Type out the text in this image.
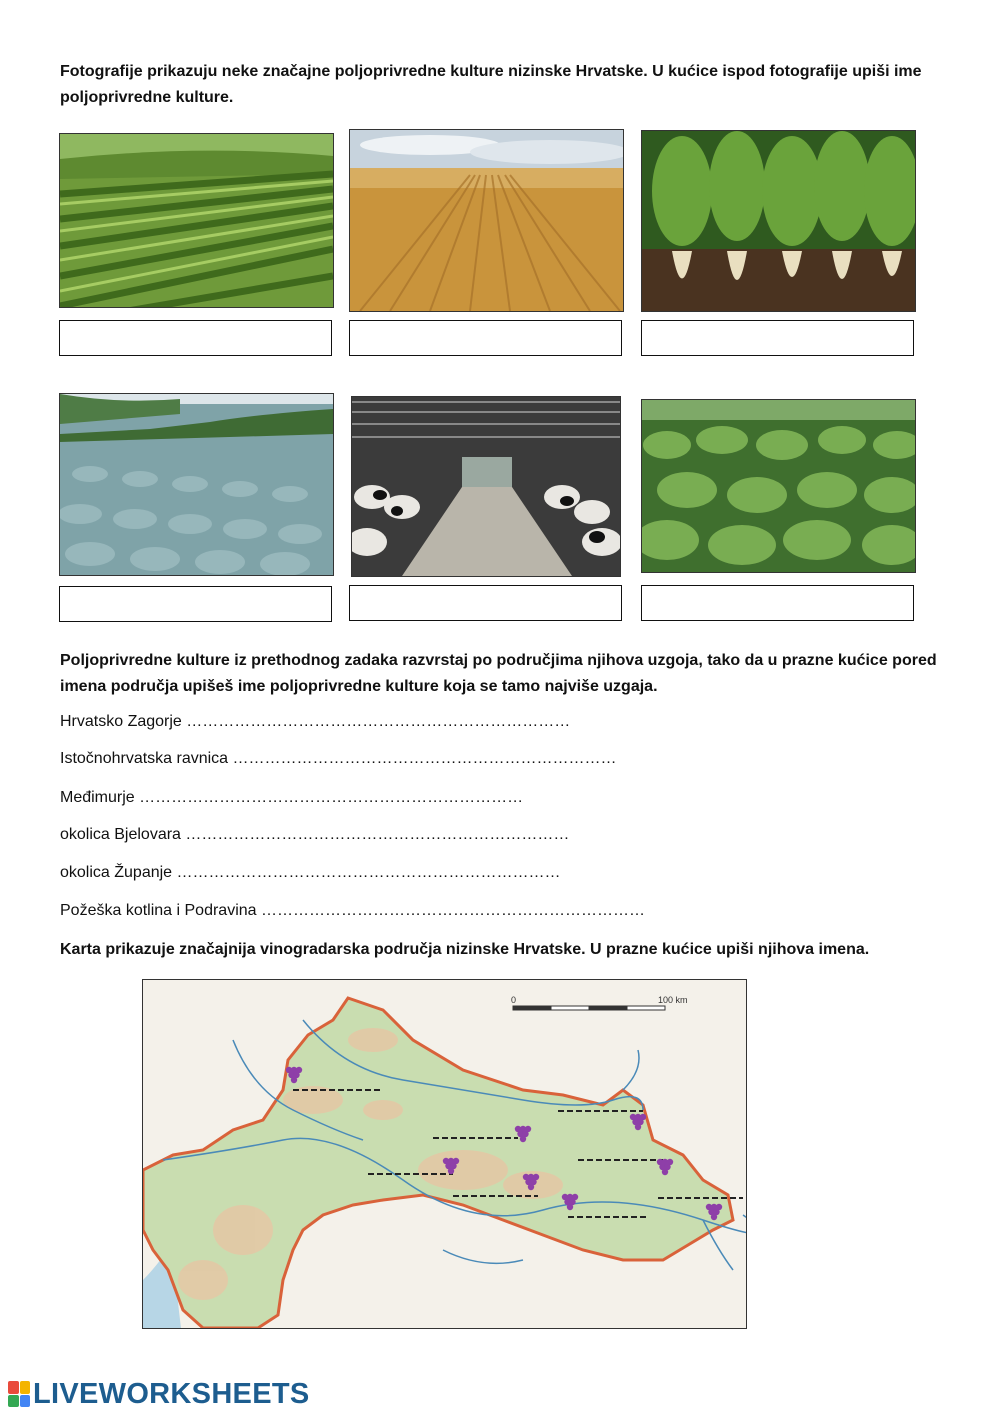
Fotografije prikazuju neke značajne poljoprivredne kulture nizinske Hrvatske. U kućice ispod fotografije upiši ime poljoprivredne kulture.
Poljoprivredne kulture iz prethodnog zadaka razvrstaj po područjima njihova uzgoja, tako da u prazne kućice pored imena područja upišeš ime poljoprivredne kulture koja se tamo najviše uzgaja.
Hrvatsko Zagorje ………………………………………………………………
Istočnohrvatska ravnica ………………………………………………………………
Međimurje ………………………………………………………………
okolica Bjelovara ………………………………………………………………
okolica Županje ………………………………………………………………
Požeška kotlina i Podravina ………………………………………………………………
Karta prikazuje značajnija vinogradarska područja nizinske Hrvatske. U prazne kućice upiši njihova imena.
0	100 km
LIVEWORKSHEETS
